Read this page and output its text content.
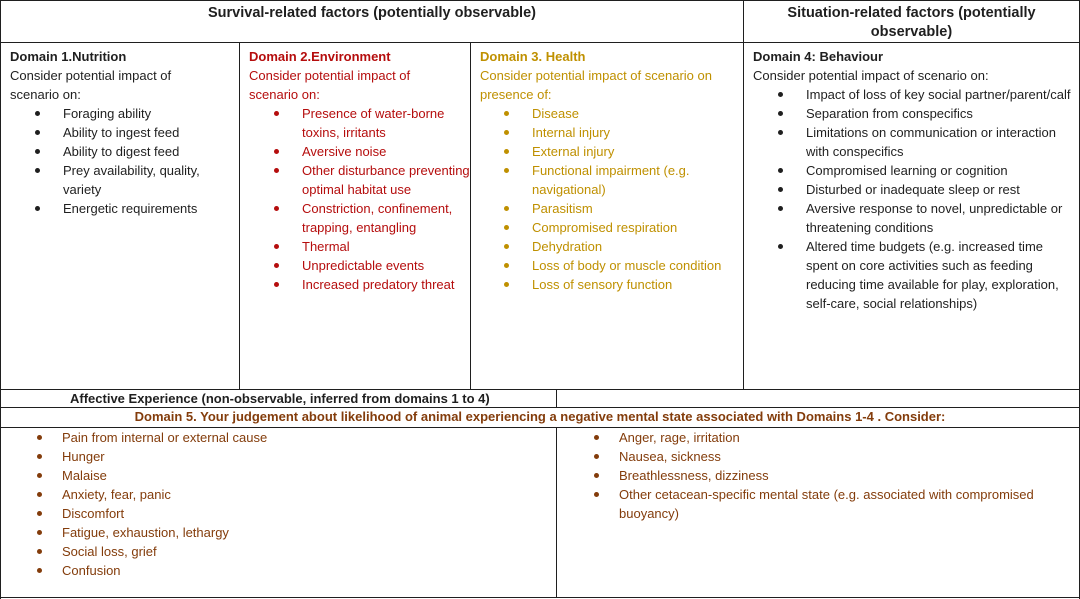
Survival-related factors (potentially observable)	Situation-related factors (potentially observable)
Domain 1.Nutrition
Consider potential impact of scenario on:
Foraging ability
Ability to ingest feed
Ability to digest feed
Prey availability, quality, variety
Energetic requirements
Domain 2.Environment
Consider potential impact of scenario on:
Presence of water-borne toxins, irritants
Aversive noise
Other disturbance preventing optimal habitat use
Constriction, confinement, trapping, entangling
Thermal
Unpredictable events
Increased predatory threat
Domain 3. Health
Consider potential impact of scenario on presence of:
Disease
Internal injury
External injury
Functional impairment (e.g. navigational)
Parasitism
Compromised respiration
Dehydration
Loss of body or muscle condition
Loss of sensory function
Domain 4: Behaviour
Consider potential impact of scenario on:
Impact of loss of key social partner/parent/calf
Separation from conspecifics
Limitations on communication or interaction with conspecifics
Compromised learning or cognition
Disturbed or inadequate sleep or rest
Aversive response to novel, unpredictable or threatening conditions
Altered time budgets (e.g. increased time spent on core activities such as feeding reducing time available for play, exploration, self-care, social relationships)
Affective Experience (non-observable, inferred from domains 1 to 4)
Domain 5. Your judgement about likelihood of animal experiencing a negative mental state associated with Domains 1-4 . Consider:
Pain from internal or external cause
Hunger
Malaise
Anxiety, fear, panic
Discomfort
Fatigue, exhaustion, lethargy
Social loss, grief
Confusion
Anger, rage, irritation
Nausea, sickness
Breathlessness, dizziness
Other cetacean-specific mental state (e.g. associated with compromised buoyancy)
